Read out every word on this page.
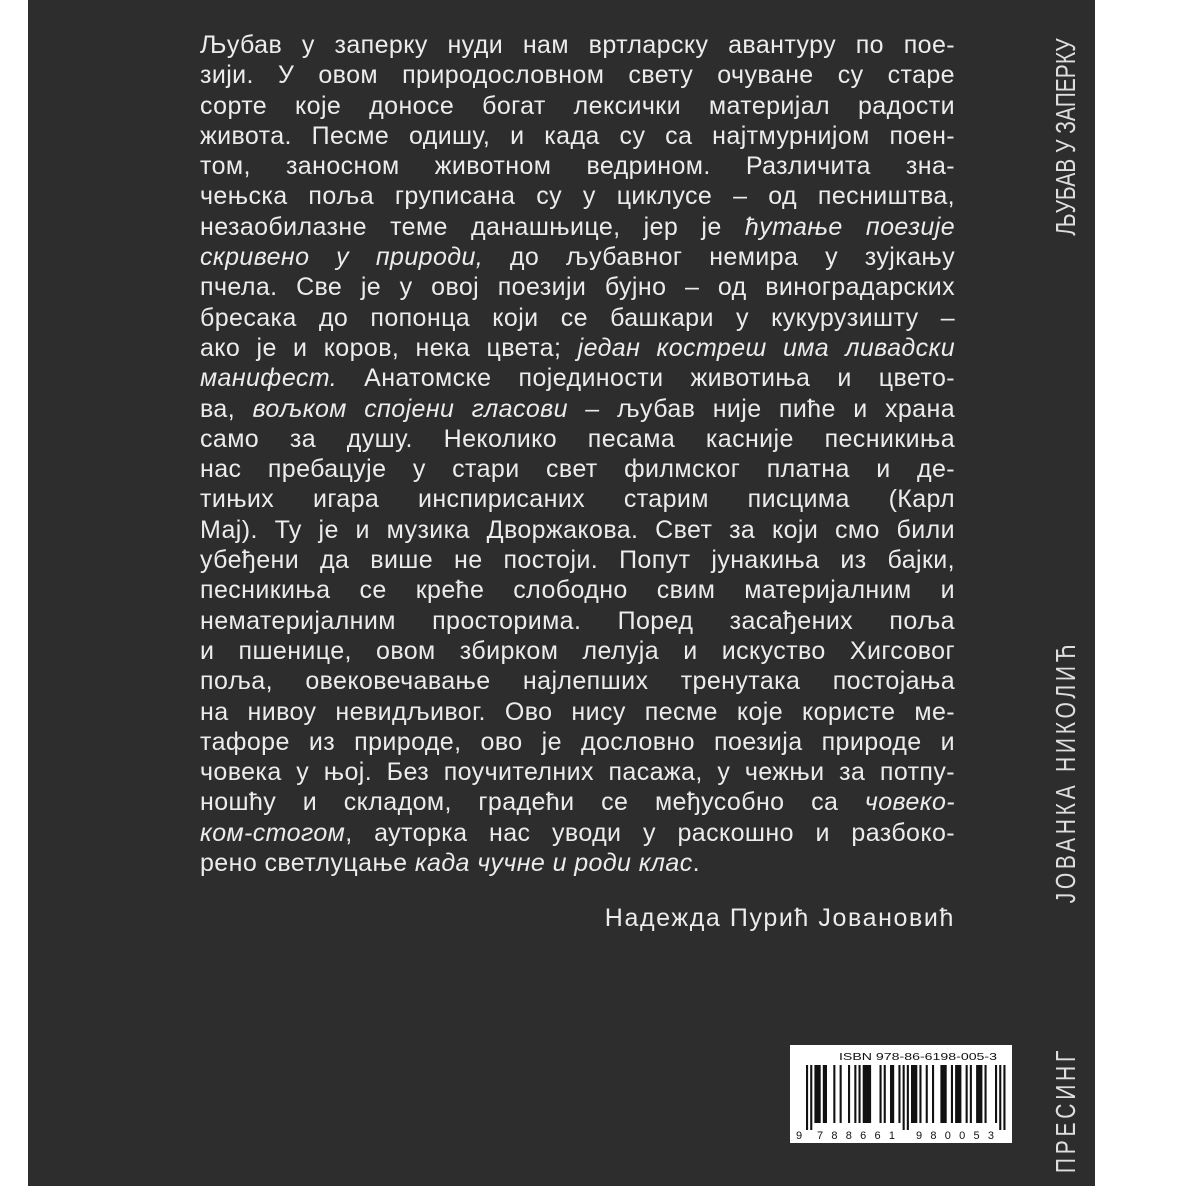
Љубав у заперку нуди нам вртларску авантуру по пое-
зији. У овом природословном свету очуване су старе
сорте које доносе богат лексички материјал радости
живота. Песме одишу, и када су са најтмурнијом поен-
том, заносном животном ведрином. Различита зна-
чењска поља груписана су у циклусе – од песништва,
незаобилазне теме данашњице, јер је ћутање поезије
скривено у природи, до љубавног немира у зујкању
пчела. Све је у овој поезији бујно – од виноградарских
бресака до попонца који се башкари у кукурузишту –
ако је и коров, нека цвета; један костреш има ливадски
манифест. Анатомске појединости животиња и цвето-
ва, вољком спојени гласови – љубав није пиће и храна
само за душу. Неколико песама касније песникиња
нас пребацује у стари свет филмског платна и де-
тињих игара инспирисаних старим писцима (Карл
Мај). Ту је и музика Дворжакова. Свет за који смо били
убеђени да више не постоји. Попут јунакиња из бајки,
песникиња се креће слободно свим материјалним и
нематеријалним просторима. Поред засађених поља
и пшенице, овом збирком лелуја и искуство Хигсовог
поља, овековечавање најлепших тренутака постојања
на нивоу невидљивог. Ово нису песме које користе ме-
тафоре из природе, ово је дословно поезија природе и
човека у њој. Без поучителних пасажа, у чежњи за потпу-
ношћу и складом, градећи се међусобно са човеко-
ком-стогом, ауторка нас уводи у раскошно и разбоко-
рено светлуцање када чучне и роди клас.
Надежда Пурић Јовановић
ЉУБАВ У ЗАПЕРКУ
ЈОВАНКА НИКОЛИЋ
ПРЕСИНГ
ISBN 978-86-6198-005-3
9 788661 980053
